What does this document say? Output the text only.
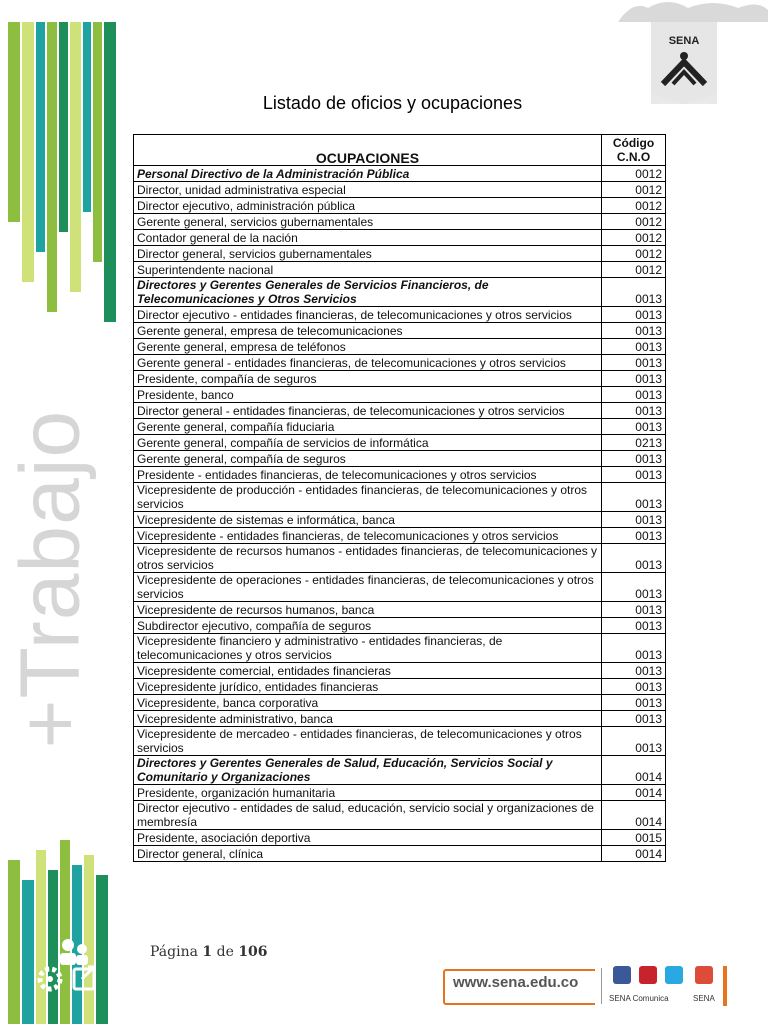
SENA
+Trabajo
Listado de oficios y ocupaciones
OCUPACIONES	Código
C.N.O
Personal Directivo de la Administración Pública	0012
Director, unidad administrativa especial	0012
Director ejecutivo, administración pública	0012
Gerente general, servicios gubernamentales	0012
Contador general de la nación	0012
Director general, servicios gubernamentales	0012
Superintendente nacional	0012
Directores y Gerentes Generales de Servicios Financieros, de Telecomunicaciones y Otros Servicios	0013
Director ejecutivo - entidades financieras, de telecomunicaciones y otros servicios	0013
Gerente general, empresa de telecomunicaciones	0013
Gerente general, empresa de teléfonos	0013
Gerente general - entidades financieras, de telecomunicaciones y otros servicios	0013
Presidente, compañía de seguros	0013
Presidente, banco	0013
Director general - entidades financieras, de telecomunicaciones y otros servicios	0013
Gerente general, compañía fiduciaria	0013
Gerente general, compañía de servicios de informática	0213
Gerente general, compañía de seguros	0013
Presidente - entidades financieras, de telecomunicaciones y otros servicios	0013
Vicepresidente de producción - entidades financieras, de telecomunicaciones y otros servicios	0013
Vicepresidente de sistemas e informática, banca	0013
Vicepresidente - entidades financieras, de telecomunicaciones y otros servicios	0013
Vicepresidente de recursos humanos - entidades financieras, de telecomunicaciones y otros servicios	0013
Vicepresidente de operaciones - entidades financieras, de telecomunicaciones y otros servicios	0013
Vicepresidente de recursos humanos, banca	0013
Subdirector ejecutivo, compañía de seguros	0013
Vicepresidente financiero y administrativo - entidades financieras, de telecomunicaciones y otros servicios	0013
Vicepresidente comercial, entidades financieras	0013
Vicepresidente jurídico, entidades financieras	0013
Vicepresidente, banca corporativa	0013
Vicepresidente administrativo, banca	0013
Vicepresidente de mercadeo - entidades financieras, de telecomunicaciones y otros servicios	0013
Directores y Gerentes Generales de Salud, Educación, Servicios Social y Comunitario y Organizaciones	0014
Presidente, organización humanitaria	0014
Director ejecutivo - entidades de salud, educación, servicio social y organizaciones de membresía	0014
Presidente, asociación deportiva	0015
Director general, clínica	0014
Página 1 de 106
www.sena.edu.co
SENA Comunica	SENA
